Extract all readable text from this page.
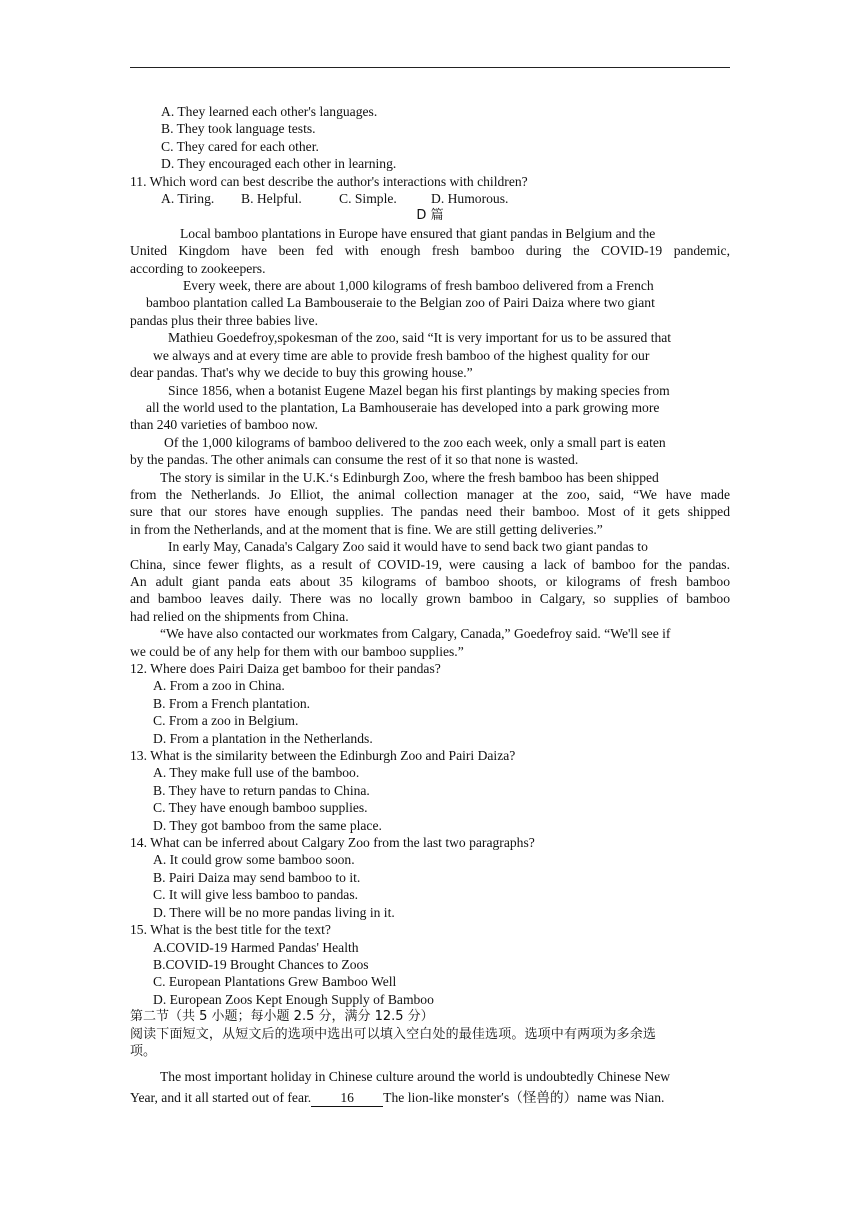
A. They learned each other's languages.
B. They took language tests.
C. They cared for each other.
D. They encouraged each other in learning.
11. Which word can best describe the author's interactions with children?
A. Tiring. B. Helpful.	C. Simple.	D. Humorous.
D 篇
Local bamboo plantations in Europe have ensured that giant pandas in Belgium and the
United Kingdom have been fed with enough fresh bamboo during the COVID-19 pandemic,
according to zookeepers.
Every week, there are about 1,000 kilograms of fresh bamboo delivered from a French
bamboo plantation called La Bambouseraie to the Belgian zoo of Pairi Daiza where two giant
pandas plus their three babies live.
Mathieu Goedefroy,spokesman of the zoo, said “It is very important for us to be assured that
we always and at every time are able to provide fresh bamboo of the highest quality for our
dear pandas. That's why we decide to buy this growing house.”
Since 1856, when a botanist Eugene Mazel began his first plantings by making species from
all the world used to the plantation, La Bamhouseraie has developed into a park growing more
than 240 varieties of bamboo now.
Of the 1,000 kilograms of bamboo delivered to the zoo each week, only a small part is eaten
by the pandas. The other animals can consume the rest of it so that none is wasted.
The story is similar in the U.K.‘s Edinburgh Zoo, where the fresh bamboo has been shipped
from the Netherlands. Jo Elliot, the animal collection manager at the zoo, said, “We have made
sure that our stores have enough supplies. The pandas need their bamboo. Most of it gets shipped
in from the Netherlands, and at the moment that is fine. We are still getting deliveries.”
In early May, Canada's Calgary Zoo said it would have to send back two giant pandas to
China, since fewer flights, as a result of COVID-19, were causing a lack of bamboo for the pandas.
An adult giant panda eats about 35 kilograms of bamboo shoots, or kilograms of fresh bamboo
and bamboo leaves daily. There was no locally grown bamboo in Calgary, so supplies of bamboo
had relied on the shipments from China.
“We have also contacted our workmates from Calgary, Canada,” Goedefroy said. “We'll see if
we could be of any help for them with our bamboo supplies.”
12. Where does Pairi Daiza get bamboo for their pandas?
A. From a zoo in China.
B. From a French plantation.
C. From a zoo in Belgium.
D. From a plantation in the Netherlands.
13. What is the similarity between the Edinburgh Zoo and Pairi Daiza?
A. They make full use of the bamboo.
B. They have to return pandas to China.
C. They have enough bamboo supplies.
D. They got bamboo from the same place.
14. What can be inferred about Calgary Zoo from the last two paragraphs?
A. It could grow some bamboo soon.
B. Pairi Daiza may send bamboo to it.
C. It will give less bamboo to pandas.
D. There will be no more pandas living in it.
15. What is the best title for the text?
A.COVID-19 Harmed Pandas' Health
B.COVID-19 Brought Chances to Zoos
C. European Plantations Grew Bamboo Well
D. European Zoos Kept Enough Supply of Bamboo
第二节（共 5 小题；每小题 2.5 分，满分 12.5 分）
阅读下面短文，从短文后的选项中选出可以填入空白处的最佳选项。选项中有两项为多余选
项。
The most important holiday in Chinese culture around the world is undoubtedly Chinese New
Year, and it all started out of fear. 16 The lion-like monster′s（怪兽的）name was Nian.
